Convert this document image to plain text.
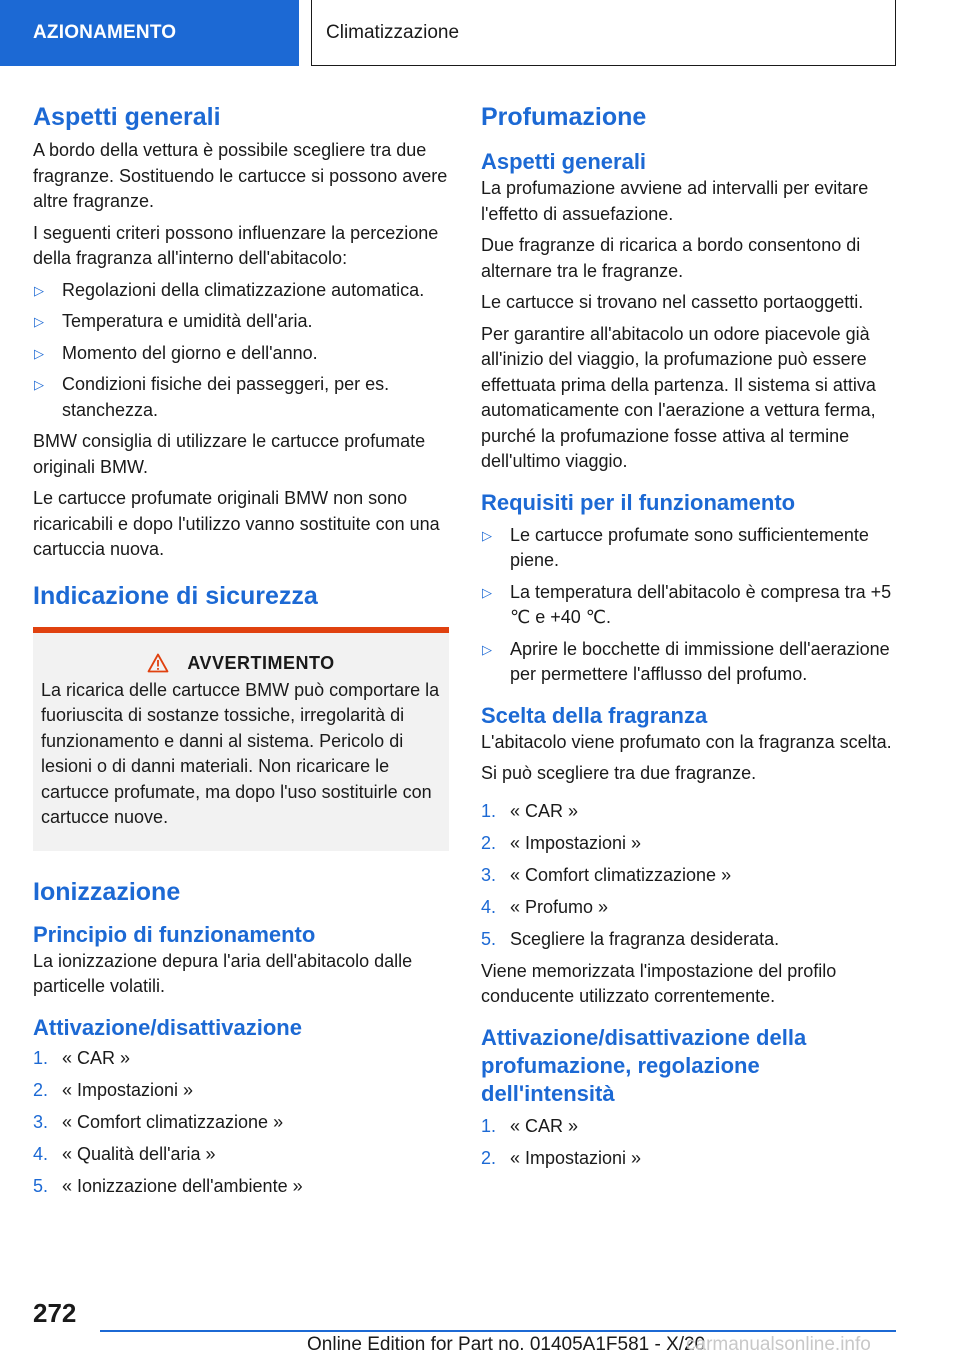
AZIONAMENTO	Climatizzazione
Aspetti generali

A bordo della vettura è possibile scegliere tra due fragranze. Sostituendo le cartucce si possono avere altre fragranze.

I seguenti criteri possono influenzare la percezione della fragranza all'interno dell'abitacolo:

▷ Regolazioni della climatizzazione automatica.
▷ Temperatura e umidità dell'aria.
▷ Momento del giorno e dell'anno.
▷ Condizioni fisiche dei passeggeri, per es. stanchezza.

BMW consiglia di utilizzare le cartucce profumate originali BMW.

Le cartucce profumate originali BMW non sono ricaricabili e dopo l'utilizzo vanno sostituite con una cartuccia nuova.

Indicazione di sicurezza
AVVERTIMENTO

La ricarica delle cartucce BMW può comportare la fuoriuscita di sostanze tossiche, irregolarità di funzionamento e danni al sistema. Pericolo di lesioni o di danni materiali. Non ricaricare le cartucce profumate, ma dopo l'uso sostituirle con cartucce nuove.

Ionizzazione
Principio di funzionamento

La ionizzazione depura l'aria dell'abitacolo dalle particelle volatili.

Attivazione/disattivazione
1. « CAR »
2. « Impostazioni »
3. « Comfort climatizzazione »
4. « Qualità dell'aria »
5. « Ionizzazione dell'ambiente »
Profumazione
Aspetti generali

La profumazione avviene ad intervalli per evitare l'effetto di assuefazione.

Due fragranze di ricarica a bordo consentono di alternare tra le fragranze.

Le cartucce si trovano nel cassetto portaoggetti.

Per garantire all'abitacolo un odore piacevole già all'inizio del viaggio, la profumazione può essere effettuata prima della partenza. Il sistema si attiva automaticamente con l'aerazione a vettura ferma, purché la profumazione fosse attiva al termine dell'ultimo viaggio.

Requisiti per il funzionamento
▷ Le cartucce profumate sono sufficientemente piene.
▷ La temperatura dell'abitacolo è compresa tra +5 ℃ e +40 ℃.
▷ Aprire le bocchette di immissione dell'aerazione per permettere l'afflusso del profumo.
Scelta della fragranza

L'abitacolo viene profumato con la fragranza scelta.

Si può scegliere tra due fragranze.

1. « CAR »
2. « Impostazioni »
3. « Comfort climatizzazione »
4. « Profumo »
5. Scegliere la fragranza desiderata.

Viene memorizzata l'impostazione del profilo conducente utilizzato correntemente.

Attivazione/disattivazione della profumazione, regolazione dell'intensità
1. « CAR »
2. « Impostazioni »
272
Online Edition for Part no. 01405A1F581 - X/20
carmanualsonline.info
